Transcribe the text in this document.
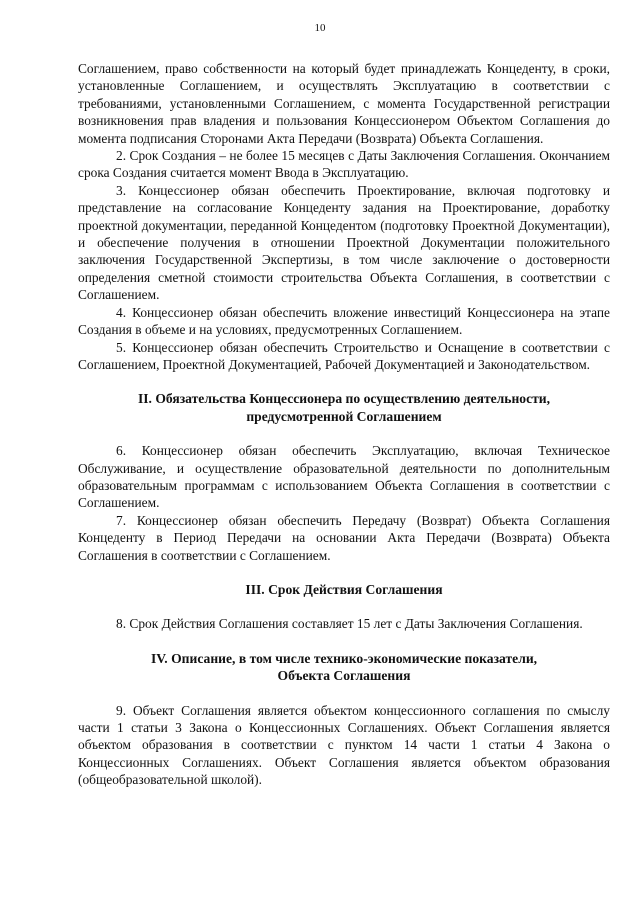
10

Соглашением, право собственности на который будет принадлежать Концеденту, в сроки, установленные Соглашением, и осуществлять Эксплуатацию в соответствии с требованиями, установленными Соглашением, с момента Государственной регистрации возникновения прав владения и пользования Концессионером Объектом Соглашения до момента подписания Сторонами Акта Передачи (Возврата) Объекта Соглашения.

2. Срок Создания – не более 15 месяцев с Даты Заключения Соглашения. Окончанием срока Создания считается момент Ввода в Эксплуатацию.

3. Концессионер обязан обеспечить Проектирование, включая подготовку и представление на согласование Концеденту задания на Проектирование, доработку проектной документации, переданной Концедентом (подготовку Проектной Документации), и обеспечение получения в отношении Проектной Документации положительного заключения Государственной Экспертизы, в том числе заключение о достоверности определения сметной стоимости строительства Объекта Соглашения, в соответствии с Соглашением.

4. Концессионер обязан обеспечить вложение инвестиций Концессионера на этапе Создания в объеме и на условиях, предусмотренных Соглашением.

5. Концессионер обязан обеспечить Строительство и Оснащение в соответствии с Соглашением, Проектной Документацией, Рабочей Документацией и Законодательством.

II. Обязательства Концессионера по осуществлению деятельности,
предусмотренной Соглашением

6. Концессионер обязан обеспечить Эксплуатацию, включая Техническое Обслуживание, и осуществление образовательной деятельности по дополнительным образовательным программам с использованием Объекта Соглашения в соответствии с Соглашением.

7. Концессионер обязан обеспечить Передачу (Возврат) Объекта Соглашения Концеденту в Период Передачи на основании Акта Передачи (Возврата) Объекта Соглашения в соответствии с Соглашением.

III. Срок Действия Соглашения

8. Срок Действия Соглашения составляет 15 лет с Даты Заключения Соглашения.

IV. Описание, в том числе технико-экономические показатели,
Объекта Соглашения

9. Объект Соглашения является объектом концессионного соглашения по смыслу части 1 статьи 3 Закона о Концессионных Соглашениях. Объект Соглашения является объектом образования в соответствии с пунктом 14 части 1 статьи 4 Закона о Концессионных Соглашениях. Объект Соглашения является объектом образования (общеобразовательной школой).
